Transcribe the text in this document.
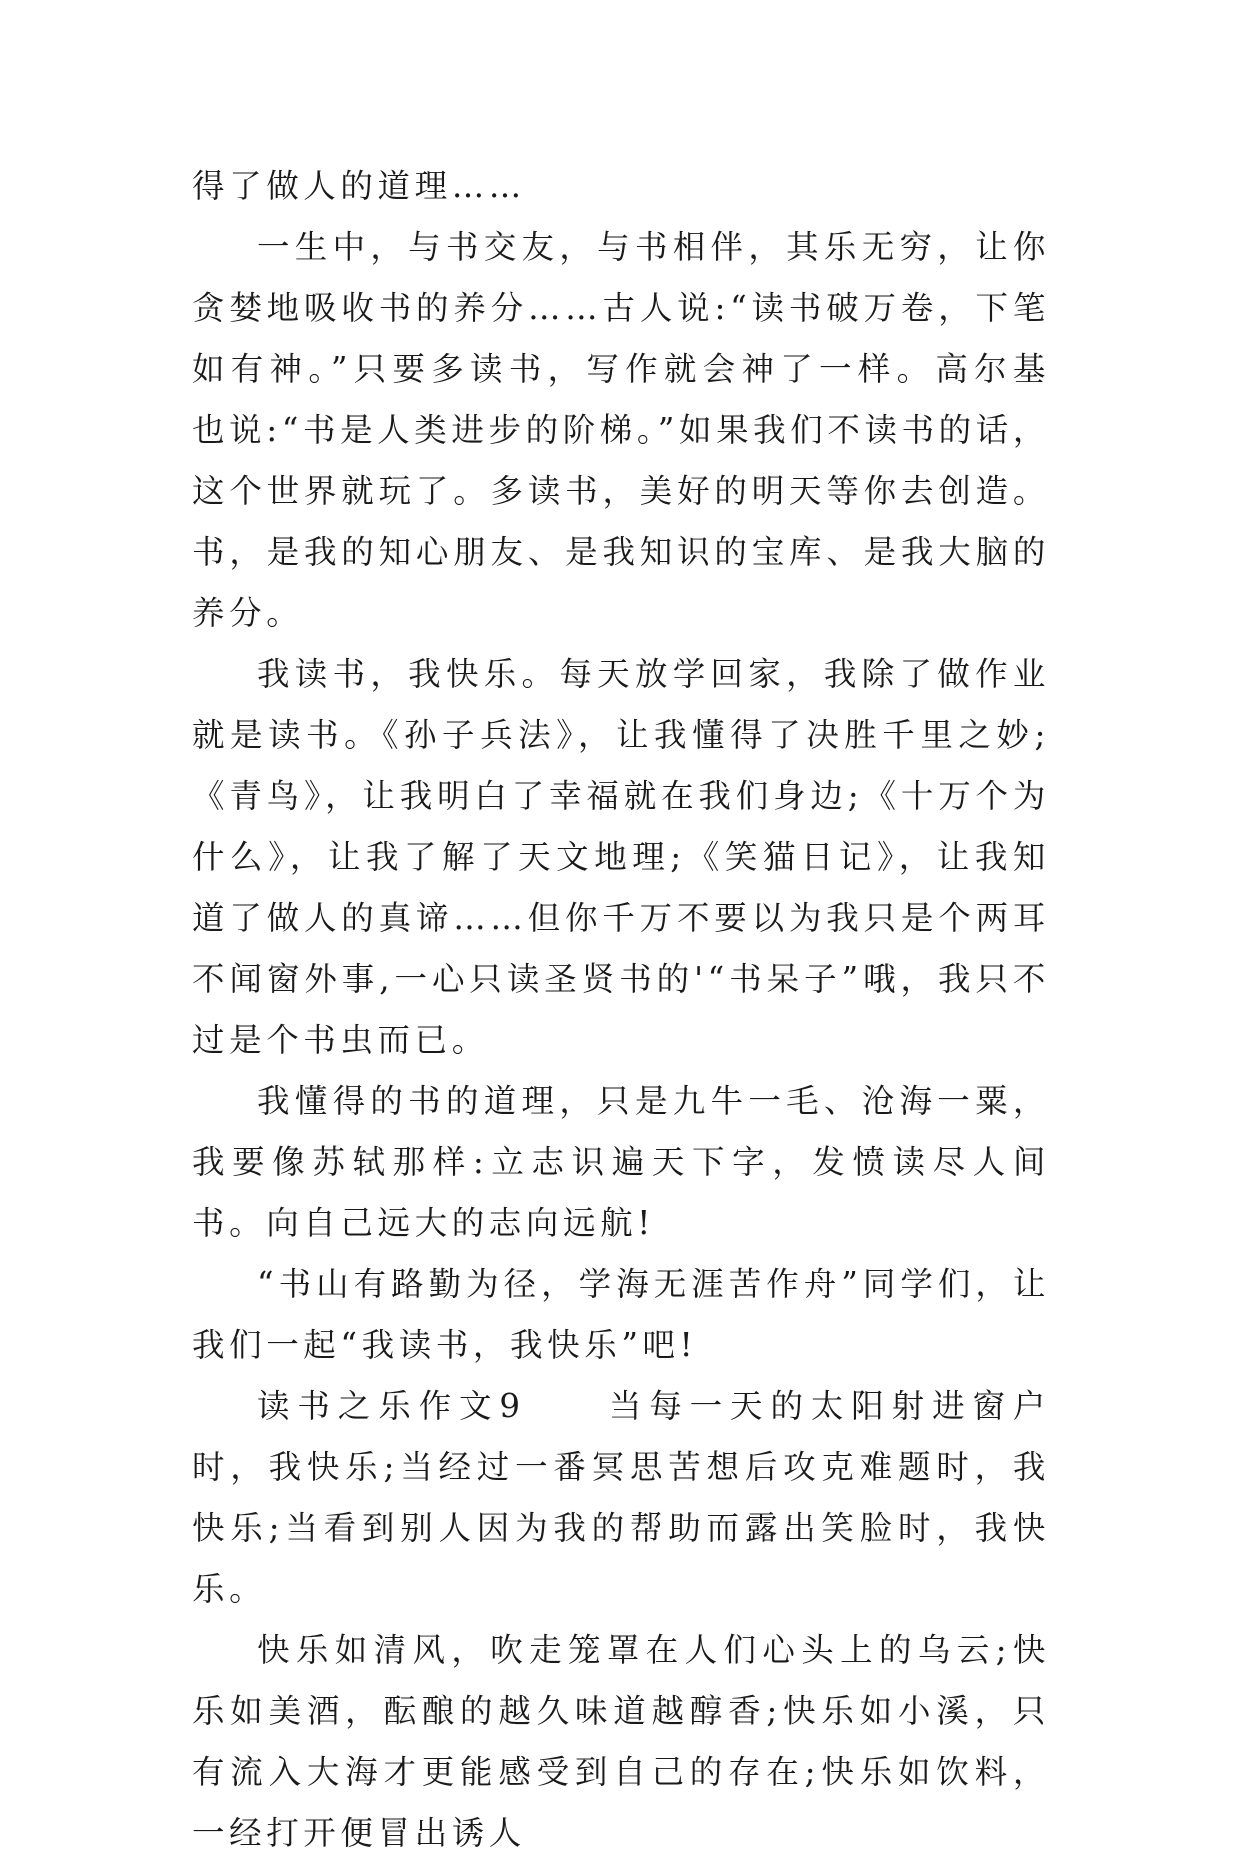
得了做人的道理……

一生中，与书交友，与书相伴，其乐无穷，让你贪婪地吸收书的养分……古人说:“读书破万卷，下笔如有神。”只要多读书，写作就会神了一样。高尔基也说:“书是人类进步的阶梯。”如果我们不读书的话，这个世界就玩了。多读书，美好的明天等你去创造。书，是我的知心朋友、是我知识的宝库、是我大脑的养分。

我读书，我快乐。每天放学回家，我除了做作业就是读书。《孙子兵法》，让我懂得了决胜千里之妙;《青鸟》，让我明白了幸福就在我们身边;《十万个为什么》，让我了解了天文地理;《笑猫日记》，让我知道了做人的真谛……但你千万不要以为我只是个两耳不闻窗外事,一心只读圣贤书的'“书呆子”哦，我只不过是个书虫而已。

我懂得的书的道理，只是九牛一毛、沧海一粟，我要像苏轼那样:立志识遍天下字，发愤读尽人间书。向自己远大的志向远航!

“书山有路勤为径，学海无涯苦作舟”同学们，让我们一起“我读书，我快乐”吧!

读书之乐作文9　　当每一天的太阳射进窗户时，我快乐;当经过一番冥思苦想后攻克难题时，我快乐;当看到别人因为我的帮助而露出笑脸时，我快乐。

快乐如清风，吹走笼罩在人们心头上的乌云;快乐如美酒，酝酿的越久味道越醇香;快乐如小溪，只有流入大海才更能感受到自己的存在;快乐如饮料，一经打开便冒出诱人
